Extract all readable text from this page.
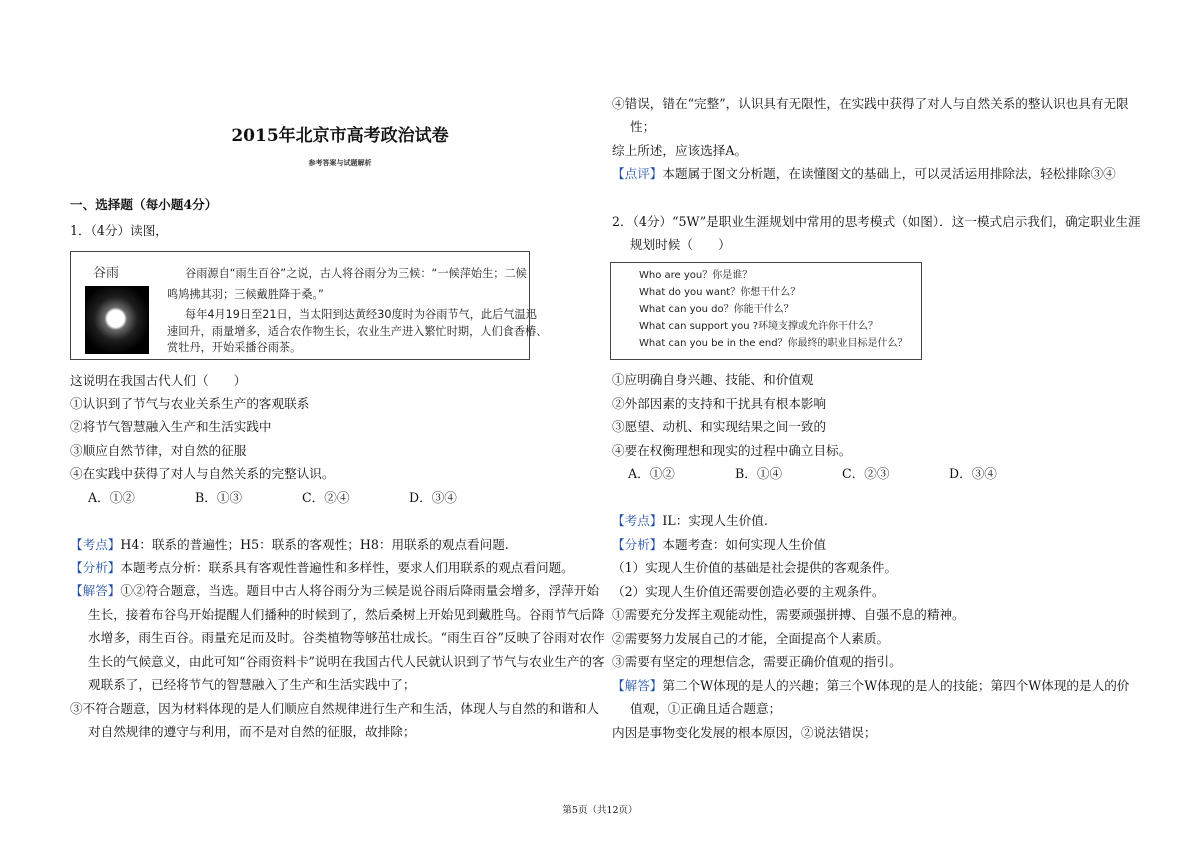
2015年北京市高考政治试卷
参考答案与试题解析
一、选择题（每小题4分）
1．（4分）读图，
谷雨	谷雨源自“雨生百谷”之说，古人将谷雨分为三候：“一候萍始生；二候
鸣鸠拂其羽；三候戴胜降于桑。”
每年4月19日至21日，当太阳到达黄经30度时为谷雨节气，此后气温迅
速回升，雨量增多，适合农作物生长，农业生产进入繁忙时期，人们食香椿、
赏牡丹，开始采播谷雨茶。
这说明在我国古代人们（　　）
①认识到了节气与农业关系生产的客观联系
②将节气智慧融入生产和生活实践中
③顺应自然节律，对自然的征服
④在实践中获得了对人与自然关系的完整认识。
A．①②	B．①③	C．②④	D．③④
【考点】H4：联系的普遍性；H5：联系的客观性；H8：用联系的观点看问题.
【分析】本题考点分析：联系具有客观性普遍性和多样性，要求人们用联系的观点看问题。
【解答】①②符合题意，当选。题目中古人将谷雨分为三候是说谷雨后降雨量会增多，浮萍开始
生长，接着布谷鸟开始提醒人们播种的时候到了，然后桑树上开始见到戴胜鸟。谷雨节气后降
水增多，雨生百谷。雨量充足而及时。谷类植物等够茁壮成长。“雨生百谷”反映了谷雨对农作
生长的气候意义，由此可知“谷雨资料卡”说明在我国古代人民就认识到了节气与农业生产的客
观联系了，已经将节气的智慧融入了生产和生活实践中了；
③不符合题意，因为材料体现的是人们顺应自然规律进行生产和生活，体现人与自然的和谐和人
对自然规律的遵守与利用，而不是对自然的征服，故排除；
④错误，错在“完整”，认识具有无限性，在实践中获得了对人与自然关系的整认识也具有无限
性；
综上所述，应该选择A。
【点评】本题属于图文分析题，在读懂图文的基础上，可以灵活运用排除法，轻松排除③④
2．（4分）“5W”是职业生涯规划中常用的思考模式（如图）．这一模式启示我们，确定职业生涯
规划时候（　　）
Who are you？你是谁？
What do you want？你想干什么？
What can you do？你能干什么？
What can support you ?环境支撑或允许你干什么？
What can you be in the end？你最终的职业目标是什么？
①应明确自身兴趣、技能、和价值观
②外部因素的支持和干扰具有根本影响
③愿望、动机、和实现结果之间一致的
④要在权衡理想和现实的过程中确立目标。
A．①②	B．①④	C．②③	D．③④
【考点】IL：实现人生价值.
【分析】本题考查：如何实现人生价值
（1）实现人生价值的基础是社会提供的客观条件。
（2）实现人生价值还需要创造必要的主观条件。
①需要充分发挥主观能动性，需要顽强拼搏、自强不息的精神。
②需要努力发展自己的才能，全面提高个人素质。
③需要有坚定的理想信念，需要正确价值观的指引。
【解答】第二个W体现的是人的兴趣；第三个W体现的是人的技能；第四个W体现的是人的价
值观，①正确且适合题意；
内因是事物变化发展的根本原因，②说法错误；
第5页（共12页）
